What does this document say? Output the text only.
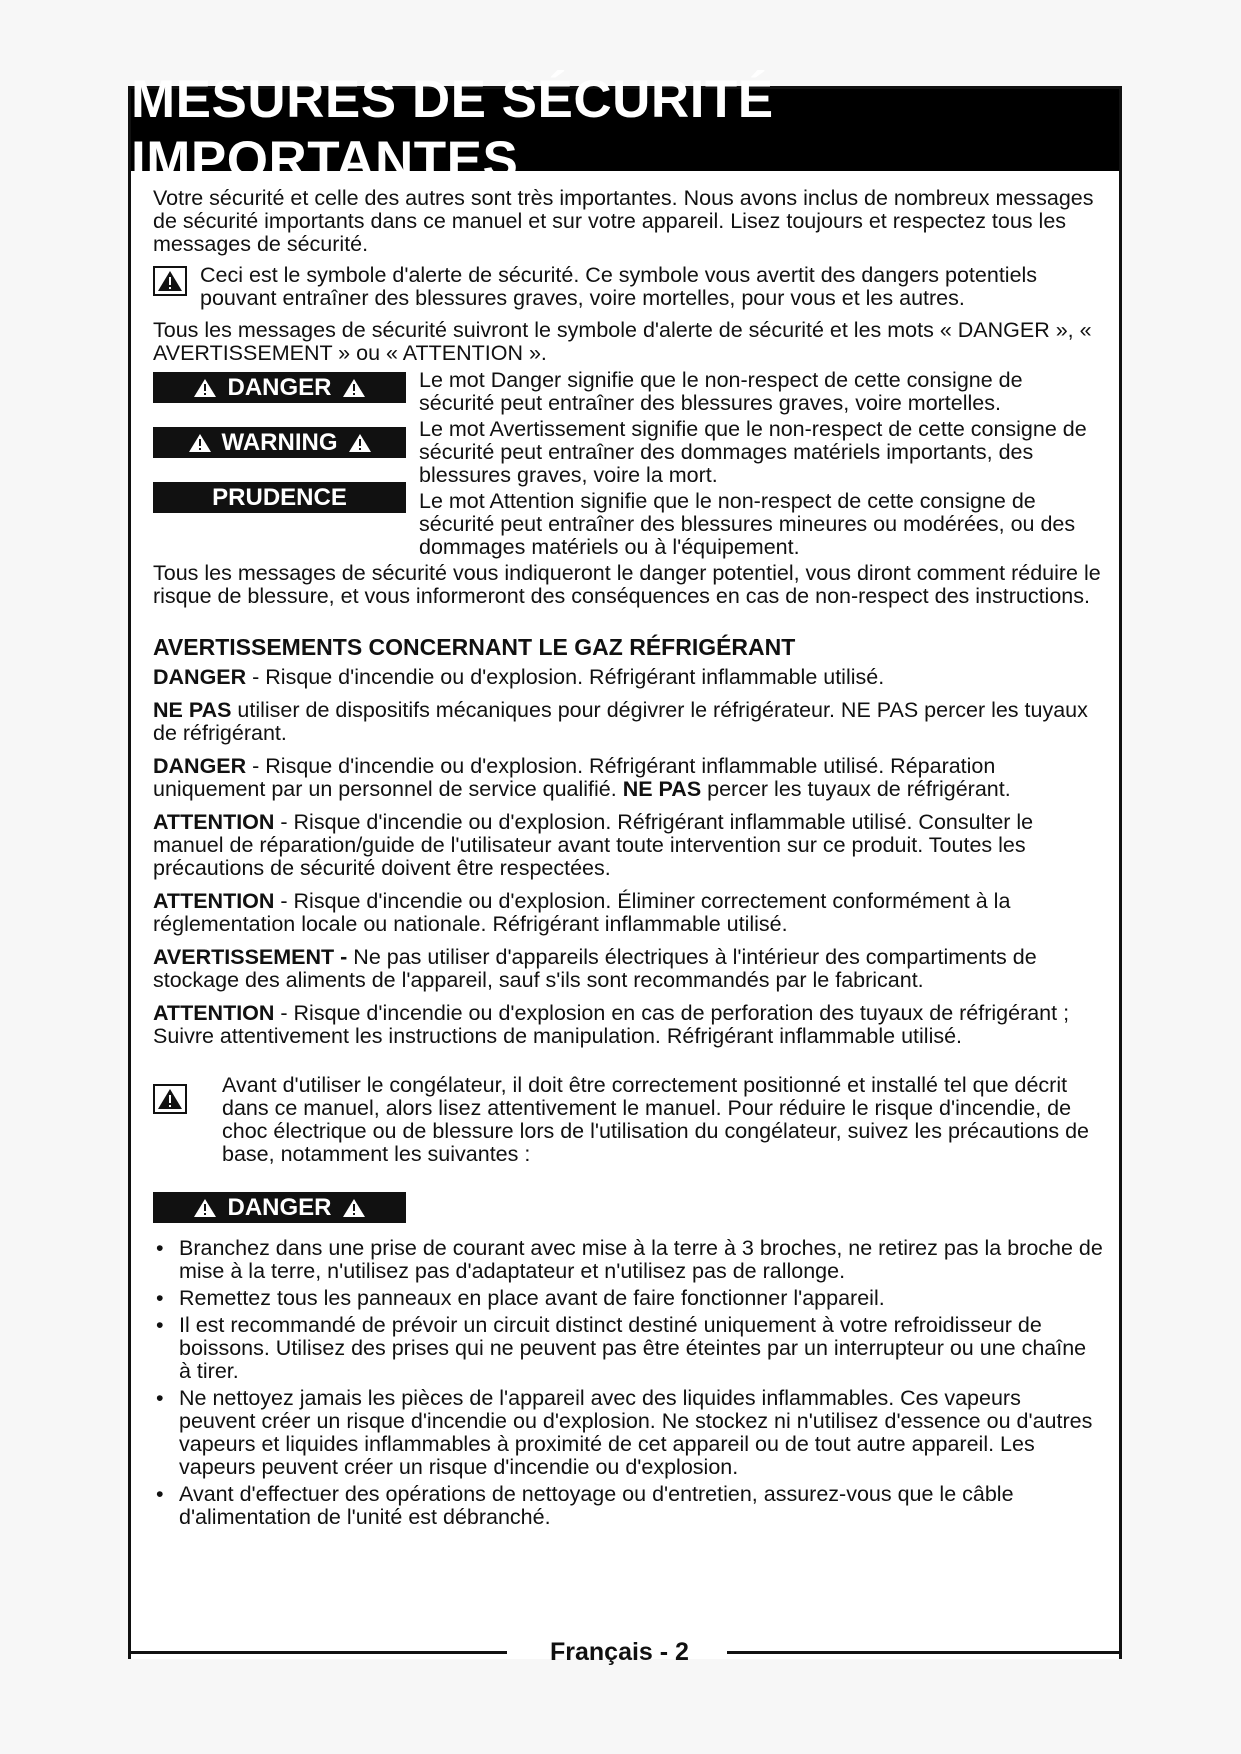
MESURES DE SÉCURITÉ IMPORTANTES

Votre sécurité et celle des autres sont très importantes. Nous avons inclus de nombreux messages de sécurité importants dans ce manuel et sur votre appareil. Lisez toujours et respectez tous les messages de sécurité.

Ceci est le symbole d'alerte de sécurité. Ce symbole vous avertit des dangers potentiels pouvant entraîner des blessures graves, voire mortelles, pour vous et les autres.

Tous les messages de sécurité suivront le symbole d'alerte de sécurité et les mots « DANGER », « AVERTISSEMENT » ou « ATTENTION ».

DANGER
WARNING
PRUDENCE

Le mot Danger signifie que le non-respect de cette consigne de sécurité peut entraîner des blessures graves, voire mortelles.

Le mot Avertissement signifie que le non-respect de cette consigne de sécurité peut entraîner des dommages matériels importants, des blessures graves, voire la mort.

Le mot Attention signifie que le non-respect de cette consigne de sécurité peut entraîner des blessures mineures ou modérées, ou des dommages matériels ou à l'équipement.

Tous les messages de sécurité vous indiqueront le danger potentiel, vous diront comment réduire le risque de blessure, et vous informeront des conséquences en cas de non-respect des instructions.

AVERTISSEMENTS CONCERNANT LE GAZ RÉFRIGÉRANT

DANGER - Risque d'incendie ou d'explosion. Réfrigérant inflammable utilisé.

NE PAS utiliser de dispositifs mécaniques pour dégivrer le réfrigérateur. NE PAS percer les tuyaux de réfrigérant.

DANGER - Risque d'incendie ou d'explosion. Réfrigérant inflammable utilisé. Réparation uniquement par un personnel de service qualifié. NE PAS percer les tuyaux de réfrigérant.

ATTENTION - Risque d'incendie ou d'explosion. Réfrigérant inflammable utilisé. Consulter le manuel de réparation/guide de l'utilisateur avant toute intervention sur ce produit. Toutes les précautions de sécurité doivent être respectées.

ATTENTION - Risque d'incendie ou d'explosion. Éliminer correctement conformément à la réglementation locale ou nationale. Réfrigérant inflammable utilisé.

AVERTISSEMENT - Ne pas utiliser d'appareils électriques à l'intérieur des compartiments de stockage des aliments de l'appareil, sauf s'ils sont recommandés par le fabricant.

ATTENTION - Risque d'incendie ou d'explosion en cas de perforation des tuyaux de réfrigérant ; Suivre attentivement les instructions de manipulation. Réfrigérant inflammable utilisé.

Avant d'utiliser le congélateur, il doit être correctement positionné et installé tel que décrit dans ce manuel, alors lisez attentivement le manuel. Pour réduire le risque d'incendie, de choc électrique ou de blessure lors de l'utilisation du congélateur, suivez les précautions de base, notamment les suivantes :

DANGER
• Branchez dans une prise de courant avec mise à la terre à 3 broches, ne retirez pas la broche de mise à la terre, n'utilisez pas d'adaptateur et n'utilisez pas de rallonge.
• Remettez tous les panneaux en place avant de faire fonctionner l'appareil.
• Il est recommandé de prévoir un circuit distinct destiné uniquement à votre refroidisseur de boissons. Utilisez des prises qui ne peuvent pas être éteintes par un interrupteur ou une chaîne à tirer.
• Ne nettoyez jamais les pièces de l'appareil avec des liquides inflammables. Ces vapeurs peuvent créer un risque d'incendie ou d'explosion. Ne stockez ni n'utilisez d'essence ou d'autres vapeurs et liquides inflammables à proximité de cet appareil ou de tout autre appareil. Les vapeurs peuvent créer un risque d'incendie ou d'explosion.
• Avant d'effectuer des opérations de nettoyage ou d'entretien, assurez-vous que le câble d'alimentation de l'unité est débranché.
Français - 2
